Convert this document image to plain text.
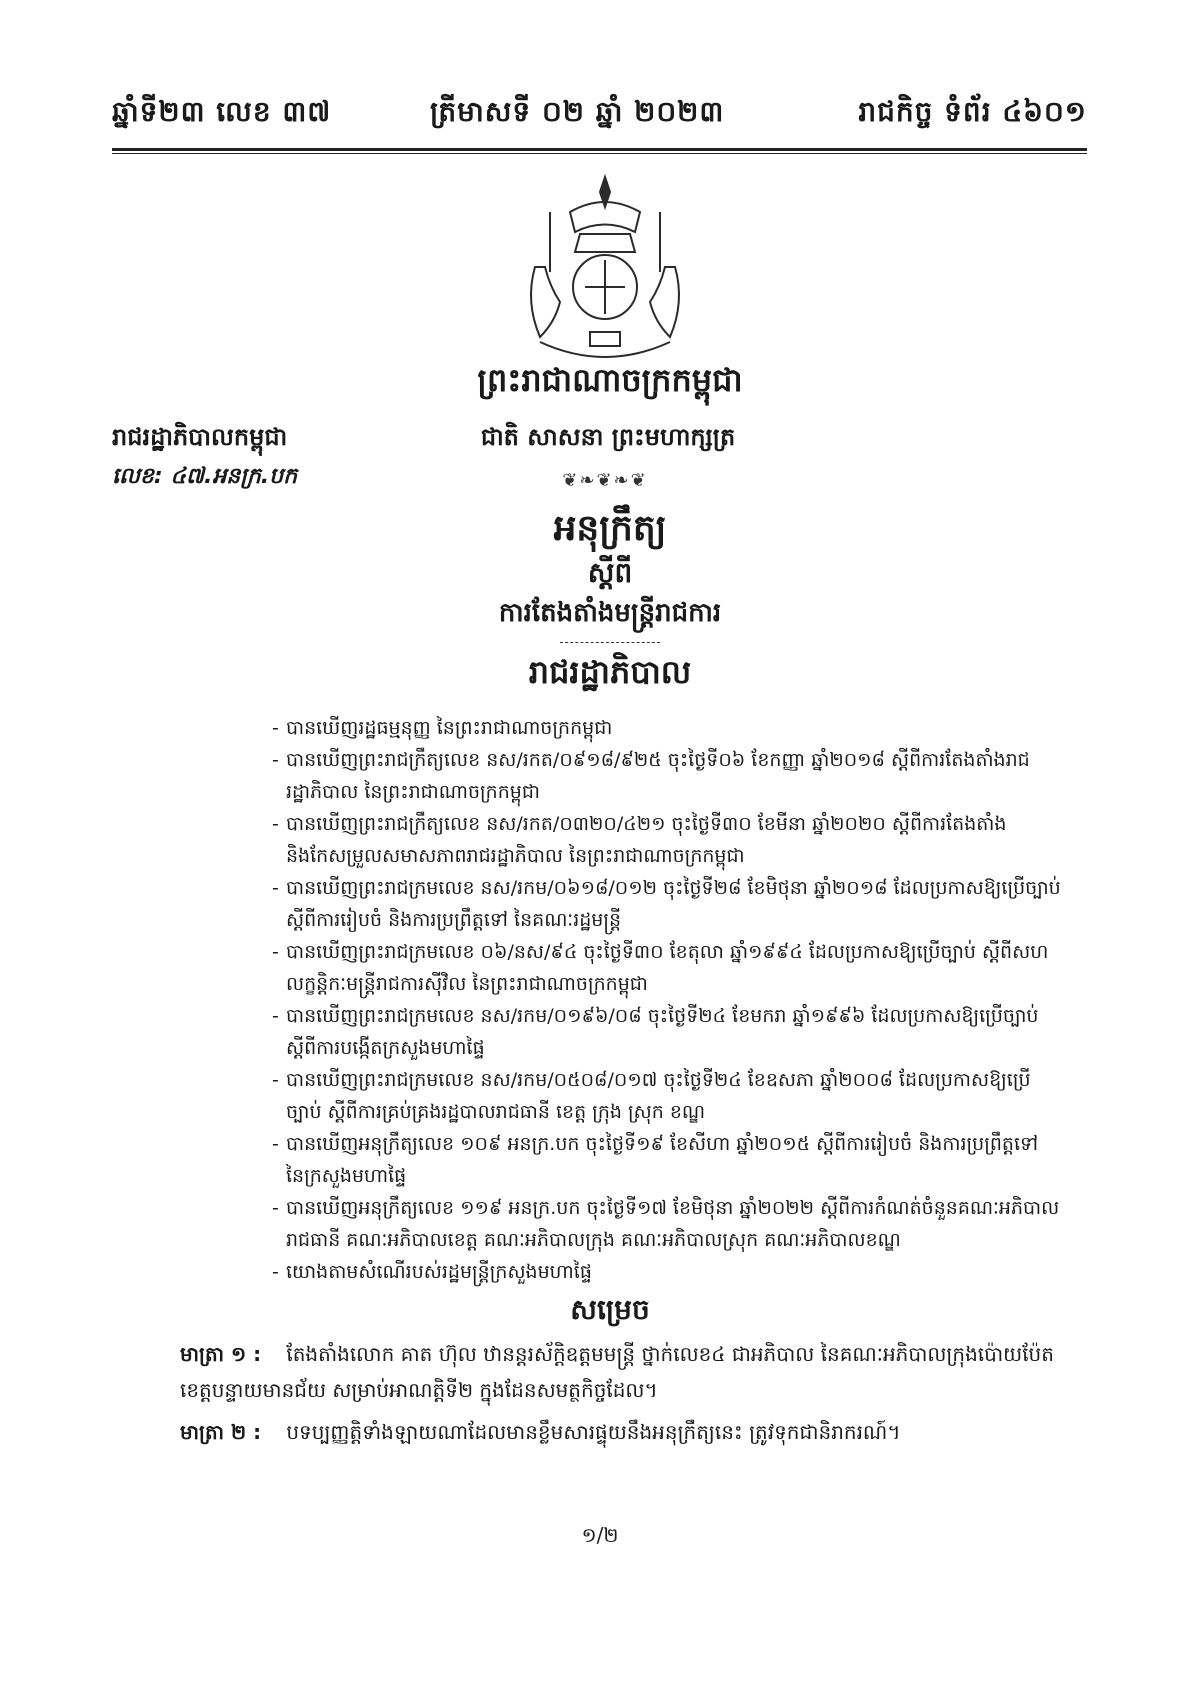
ឆ្នាំទី២៣ លេខ ៣៧	ត្រីមាសទី ០២ ឆ្នាំ ២០២៣	រាជកិច្ច ទំព័រ ៤៦០១
ព្រះរាជាណាចក្រកម្ពុជា
រាជរដ្ឋាភិបាលកម្ពុជា	ជាតិ សាសនា ព្រះមហាក្សត្រ
លេខ: ៤៧.អនក្រ.បក	❦❧❦❧❦
អនុក្រឹត្យ
ស្តីពី
ការតែងតាំងមន្ត្រីរាជការ
រាជរដ្ឋាភិបាល
- បានឃើញរដ្ឋធម្មនុញ្ញ នៃព្រះរាជាណាចក្រកម្ពុជា
- បានឃើញព្រះរាជក្រឹត្យលេខ នស/រកត/០៩១៨/៩២៥ ចុះថ្ងៃទី០៦ ខែកញ្ញា ឆ្នាំ២០១៨ ស្តីពីការតែងតាំងរាជរដ្ឋាភិបាល នៃព្រះរាជាណាចក្រកម្ពុជា
- បានឃើញព្រះរាជក្រឹត្យលេខ នស/រកត/០៣២០/៤២១ ចុះថ្ងៃទី៣០ ខែមីនា ឆ្នាំ២០២០ ស្តីពីការតែងតាំង និងកែសម្រួលសមាសភាពរាជរដ្ឋាភិបាល នៃព្រះរាជាណាចក្រកម្ពុជា
- បានឃើញព្រះរាជក្រមលេខ នស/រកម/០៦១៨/០១២ ចុះថ្ងៃទី២៨ ខែមិថុនា ឆ្នាំ២០១៨ ដែលប្រកាសឱ្យប្រើច្បាប់ ស្តីពីការរៀបចំ និងការប្រព្រឹត្តទៅ នៃគណៈរដ្ឋមន្ត្រី
- បានឃើញព្រះរាជក្រមលេខ ០៦/នស/៩៤ ចុះថ្ងៃទី៣០ ខែតុលា ឆ្នាំ១៩៩៤ ដែលប្រកាសឱ្យប្រើច្បាប់ ស្តីពីសហលក្ខន្តិកៈមន្ត្រីរាជការស៊ីវិល នៃព្រះរាជាណាចក្រកម្ពុជា
- បានឃើញព្រះរាជក្រមលេខ នស/រកម/០១៩៦/០៨ ចុះថ្ងៃទី២៤ ខែមករា ឆ្នាំ១៩៩៦ ដែលប្រកាសឱ្យប្រើច្បាប់ ស្តីពីការបង្កើតក្រសួងមហាផ្ទៃ
- បានឃើញព្រះរាជក្រមលេខ នស/រកម/០៥០៨/០១៧ ចុះថ្ងៃទី២៤ ខែឧសភា ឆ្នាំ២០០៨ ដែលប្រកាសឱ្យប្រើច្បាប់ ស្តីពីការគ្រប់គ្រងរដ្ឋបាលរាជធានី ខេត្ត ក្រុង ស្រុក ខណ្ឌ
- បានឃើញអនុក្រឹត្យលេខ ១០៩ អនក្រ.បក ចុះថ្ងៃទី១៩ ខែសីហា ឆ្នាំ២០១៥ ស្តីពីការរៀបចំ និងការប្រព្រឹត្តទៅ នៃក្រសួងមហាផ្ទៃ
- បានឃើញអនុក្រឹត្យលេខ ១១៩ អនក្រ.បក ចុះថ្ងៃទី១៧ ខែមិថុនា ឆ្នាំ២០២២ ស្តីពីការកំណត់ចំនួនគណៈអភិបាលរាជធានី គណៈអភិបាលខេត្ត គណៈអភិបាលក្រុង គណៈអភិបាលស្រុក គណៈអភិបាលខណ្ឌ
- យោងតាមសំណើរបស់រដ្ឋមន្ត្រីក្រសួងមហាផ្ទៃ
សម្រេច
មាត្រា ១ : តែងតាំងលោក គាត ហ៊ុល ឋានន្តរស័ក្តិឧត្តមមន្ត្រី ថ្នាក់លេខ៤ ជាអភិបាល នៃគណៈអភិបាលក្រុងប៉ោយប៉ែត ខេត្តបន្ទាយមានជ័យ សម្រាប់អាណត្តិទី២ ក្នុងដែនសមត្ថកិច្ចដែល។
មាត្រា ២ : បទប្បញ្ញត្តិទាំងឡាយណាដែលមានខ្លឹមសារផ្ទុយនឹងអនុក្រឹត្យនេះ ត្រូវទុកជានិរាករណ៍។
១/២
